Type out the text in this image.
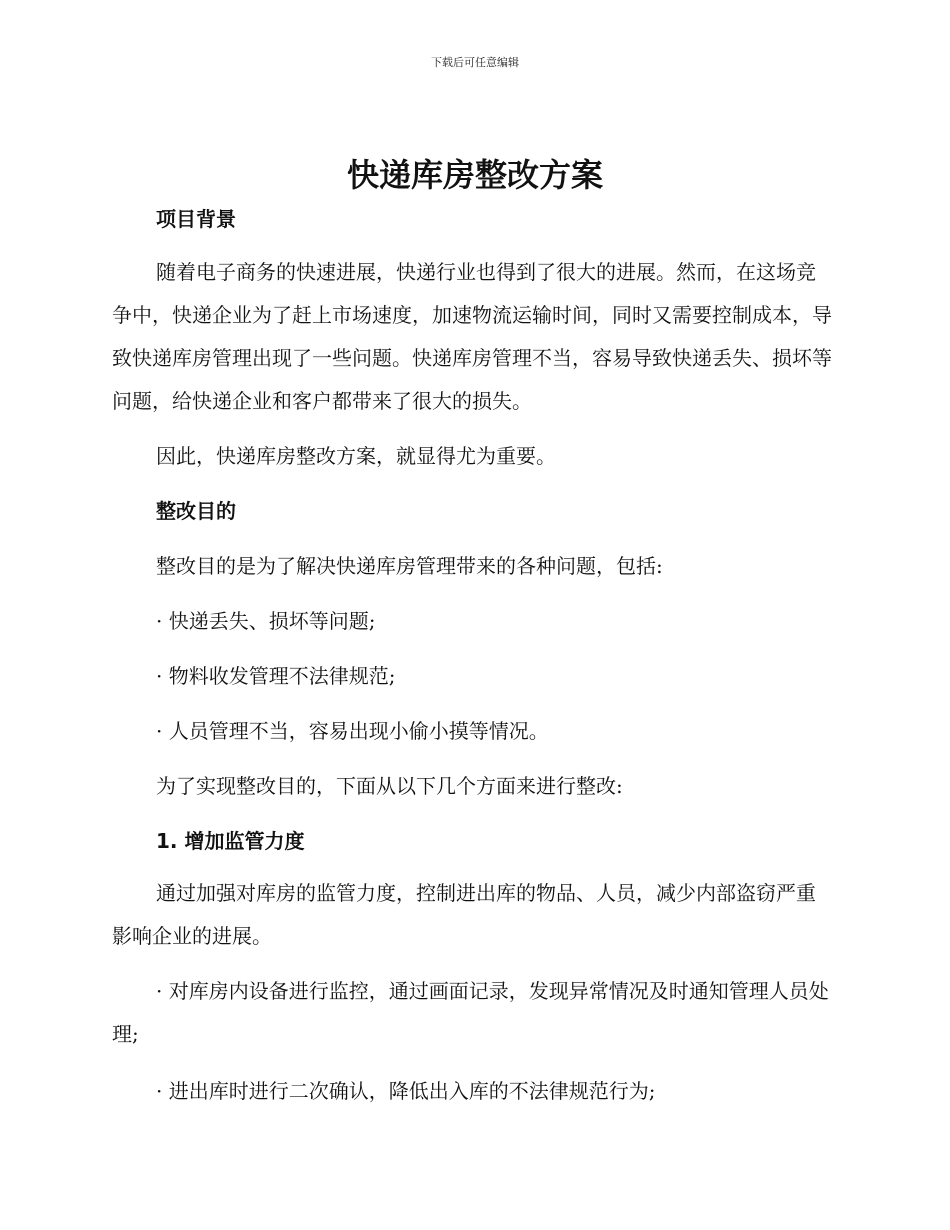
下载后可任意编辑
快递库房整改方案
项目背景
随着电子商务的快速进展，快递行业也得到了很大的进展。然而，在这场竞争中，快递企业为了赶上市场速度，加速物流运输时间，同时又需要控制成本，导致快递库房管理出现了一些问题。快递库房管理不当，容易导致快递丢失、损坏等问题，给快递企业和客户都带来了很大的损失。
因此，快递库房整改方案，就显得尤为重要。
整改目的
整改目的是为了解决快递库房管理带来的各种问题，包括:
· 快递丢失、损坏等问题;
· 物料收发管理不法律规范;
· 人员管理不当，容易出现小偷小摸等情况。
为了实现整改目的，下面从以下几个方面来进行整改:
1. 增加监管力度
通过加强对库房的监管力度，控制进出库的物品、人员，减少内部盗窃严重影响企业的进展。
· 对库房内设备进行监控，通过画面记录，发现异常情况及时通知管理人员处理;
· 进出库时进行二次确认，降低出入库的不法律规范行为;
